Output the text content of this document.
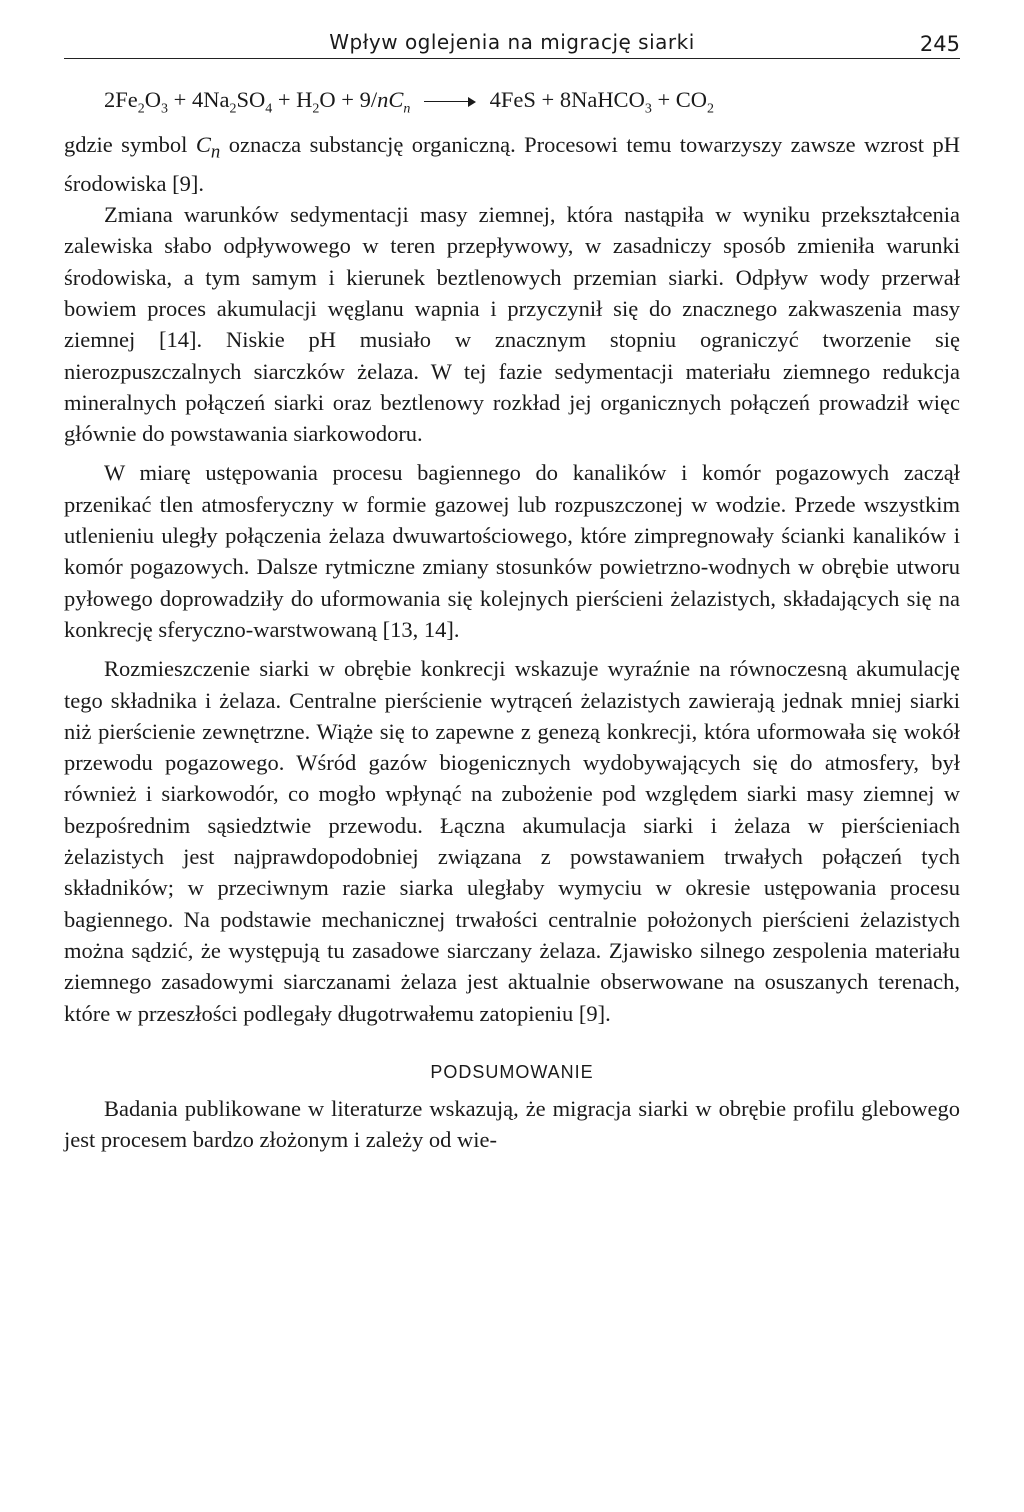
Wpływ oglejenia na migrację siarki	245
$2Fe_2O_3 + 4Na_2SO_4 + H_2O + 9/nC_n$	4FeS + 8NaHCO$_3$ + $CO_2$

gdzie symbol $C_n$ oznacza substancję organiczną. Procesowi temu towarzyszy zawsze wzrost pH środowiska [9].

Zmiana warunków sedymentacji masy ziemnej, która nastąpiła w wyniku przekształcenia zalewiska słabo odpływowego w teren przepływowy, w zasadniczy sposób zmieniła warunki środowiska, a tym samym i kierunek beztlenowych przemian siarki. Odpływ wody przerwał bowiem proces akumulacji węglanu wapnia i przyczynił się do znacznego zakwaszenia masy ziemnej [14]. Niskie pH musiało w znacznym stopniu ograniczyć tworzenie się nierozpuszczalnych siarczków żelaza. W tej fazie sedymentacji materiału ziemnego redukcja mineralnych połączeń siarki oraz beztlenowy rozkład jej organicznych połączeń prowadził więc głównie do powstawania siarkowodoru.

W miarę ustępowania procesu bagiennego do kanalików i komór pogazowych zaczął przenikać tlen atmosferyczny w formie gazowej lub rozpuszczonej w wodzie. Przede wszystkim utlenieniu uległy połączenia żelaza dwuwartościowego, które zimpregnowały ścianki kanalików i komór pogazowych. Dalsze rytmiczne zmiany stosunków powietrzno-wodnych w obrębie utworu pyłowego doprowadziły do uformowania się kolejnych pierścieni żelazistych, składających się na konkrecję sferyczno-warstwowaną [13, 14].

Rozmieszczenie siarki w obrębie konkrecji wskazuje wyraźnie na równoczesną akumulację tego składnika i żelaza. Centralne pierścienie wytrąceń żelazistych zawierają jednak mniej siarki niż pierścienie zewnętrzne. Wiąże się to zapewne z genezą konkrecji, która uformowała się wokół przewodu pogazowego. Wśród gazów biogenicznych wydobywających się do atmosfery, był również i siarkowodór, co mogło wpłynąć na zubożenie pod względem siarki masy ziemnej w bezpośrednim sąsiedztwie przewodu. Łączna akumulacja siarki i żelaza w pierścieniach żelazistych jest najprawdopodobniej związana z powstawaniem trwałych połączeń tych składników; w przeciwnym razie siarka uległaby wymyciu w okresie ustępowania procesu bagiennego. Na podstawie mechanicznej trwałości centralnie położonych pierścieni żelazistych można sądzić, że występują tu zasadowe siarczany żelaza. Zjawisko silnego zespolenia materiału ziemnego zasadowymi siarczanami żelaza jest aktualnie obserwowane na osuszanych terenach, które w przeszłości podlegały długotrwałemu zatopieniu [9].

PODSUMOWANIE

Badania publikowane w literaturze wskazują, że migracja siarki w obrębie profilu glebowego jest procesem bardzo złożonym i zależy od wie-
